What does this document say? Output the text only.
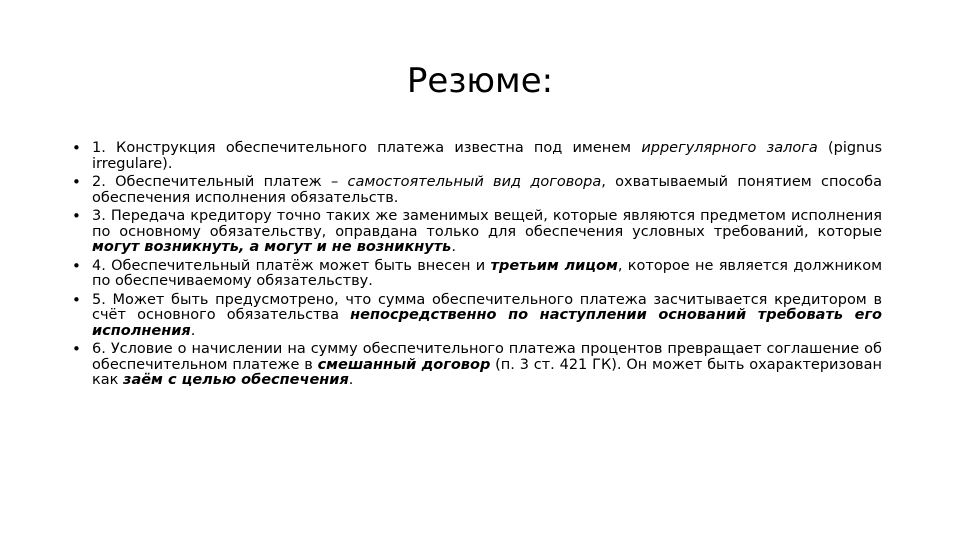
Резюме:
• 1. Конструкция обеспечительного платежа известна под именем иррегулярного залога (pignus irregulare).
• 2. Обеспечительный платеж – самостоятельный вид договора, охватываемый понятием способа обеспечения исполнения обязательств.
• 3. Передача кредитору точно таких же заменимых вещей, которые являются предметом исполнения по основному обязательству, оправдана только для обеспечения условных требований, которые могут возникнуть, а могут и не возникнуть.
• 4. Обеспечительный платёж может быть внесен и третьим лицом, которое не является должником по обеспечиваемому обязательству.
• 5. Может быть предусмотрено, что сумма обеспечительного платежа засчитывается кредитором в счёт основного обязательства непосредственно по наступлении оснований требовать его исполнения.
• 6. Условие о начислении на сумму обеспечительного платежа процентов превращает соглашение об обеспечительном платеже в смешанный договор (п. 3 ст. 421 ГК). Он может быть охарактеризован как заём с целью обеспечения.
